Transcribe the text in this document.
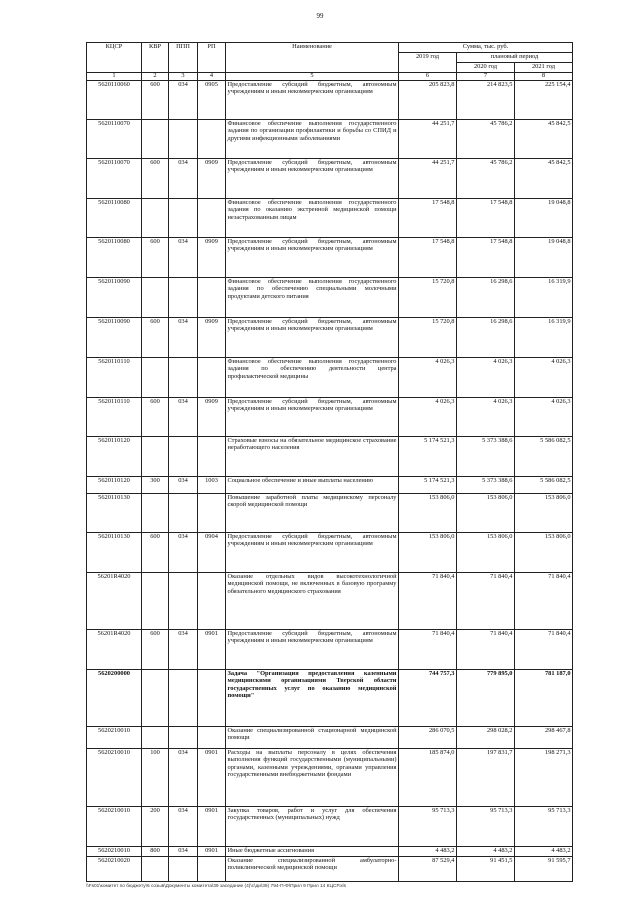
99
КЦСР	КВР	ППП	РП	Наименование	Сумма, тыс. руб.		
					2019 год	плановый период	
						2020 год	2021 год
1	2	3	4	5	6	7	8
5620110060	600	034	0905	Предоставление субсидий бюджетным, автономным учреждениям и иным некоммерческим организациям	205 823,8	214 823,5	225 154,4
5620110070				Финансовое обеспечение выполнения государственного задания по организации профилактики и борьбы со СПИД и другими инфекционными заболеваниями	44 251,7	45 786,2	45 842,5
5620110070	600	034	0909	Предоставление субсидий бюджетным, автономным учреждениям и иным некоммерческим организациям	44 251,7	45 786,2	45 842,5
5620110080				Финансовое обеспечение выполнения государственного задания по оказанию экстренной медицинской помощи незастрахованным лицам	17 548,8	17 548,8	19 048,8
5620110080	600	034	0909	Предоставление субсидий бюджетным, автономным учреждениям и иным некоммерческим организациям	17 548,8	17 548,8	19 048,8
5620110090				Финансовое обеспечение выполнения государственного задания по обеспечению специальными молочными продуктами детского питания	15 720,8	16 298,6	16 319,9
5620110090	600	034	0909	Предоставление субсидий бюджетным, автономным учреждениям и иным некоммерческим организациям	15 720,8	16 298,6	16 319,9
5620110110				Финансовое обеспечение выполнения государственного задания по обеспечению деятельности центра профилактической медицины	4 026,3	4 026,3	4 026,3
5620110110	600	034	0909	Предоставление субсидий бюджетным, автономным учреждениям и иным некоммерческим организациям	4 026,3	4 026,3	4 026,3
5620110120				Страховые взносы на обязательное медицинское страхование неработающего населения	5 174 521,3	5 373 388,6	5 586 082,5
5620110120	300	034	1003	Социальное обеспечение и иные выплаты населению	5 174 521,3	5 373 388,6	5 586 082,5
5620110130				Повышение заработной платы медицинскому персоналу скорой медицинской помощи	153 806,0	153 806,0	153 806,0
5620110130	600	034	0904	Предоставление субсидий бюджетным, автономным учреждениям и иным некоммерческим организациям	153 806,0	153 806,0	153 806,0
56201R4020				Оказание отдельных видов высокотехнологичной медицинской помощи, не включенных в базовую программу обязательного медицинского страхования	71 840,4	71 840,4	71 840,4
56201R4020	600	034	0901	Предоставление субсидий бюджетным, автономным учреждениям и иным некоммерческим организациям	71 840,4	71 840,4	71 840,4
5620200000				Задача "Организация предоставления казенными медицинскими организациями Тверской области государственных услуг по оказанию медицинской помощи"	744 757,3	779 895,0	781 187,0
5620210010				Оказание специализированной стационарной медицинской помощи	286 070,5	298 028,2	298 467,8
5620210010	100	034	0901	Расходы на выплаты персоналу в целях обеспечения выполнения функций государственными (муниципальными) органами, казенными учреждениями, органами управления государственными внебюджетными фондами	185 874,0	197 831,7	198 271,3
5620210010	200	034	0901	Закупка товаров, работ и услуг для обеспечения государственных (муниципальных) нужд	95 713,3	95 713,3	95 713,3
5620210010	800	034	0901	Иные бюджетные ассигнования	4 483,2	4 483,2	4 483,2
5620210020				Оказание специализированной амбулаторно-поликлинической медицинской помощи	87 529,4	91 451,5	91 595,7
\\Fs01\комитет по бюджету\6 созыв\Документы комитета\39 заседание (4)\с\ди\39) 794-П-Ф\Прил 9 Прил 14 КЦСР.xls
